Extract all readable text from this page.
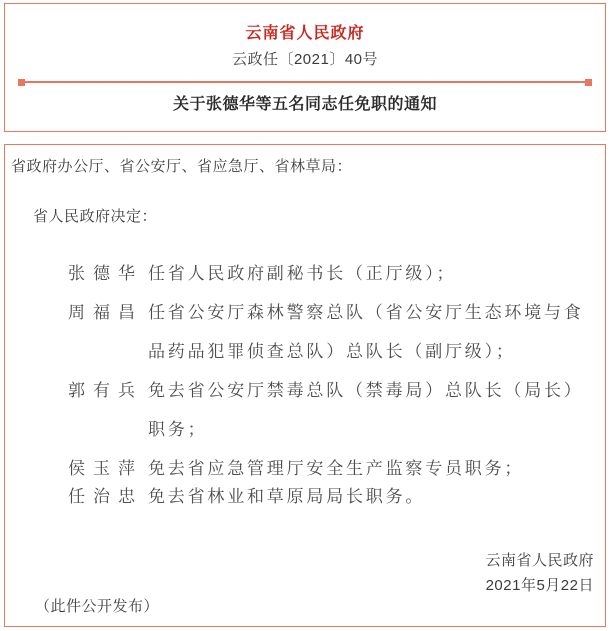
云南省人民政府
云政任〔2021〕40号
关于张德华等五名同志任免职的通知
省政府办公厅、省公安厅、省应急厅、省林草局：
省人民政府决定：
张德华 任省人民政府副秘书长（正厅级）；
周福昌 任省公安厅森林警察总队（省公安厅生态环境与食
品药品犯罪侦查总队）总队长（副厅级）；
郭有兵 免去省公安厅禁毒总队（禁毒局）总队长（局长）
职务；
侯玉萍 免去省应急管理厅安全生产监察专员职务；
任治忠 免去省林业和草原局局长职务。
云南省人民政府
2021年5月22日
（此件公开发布）
